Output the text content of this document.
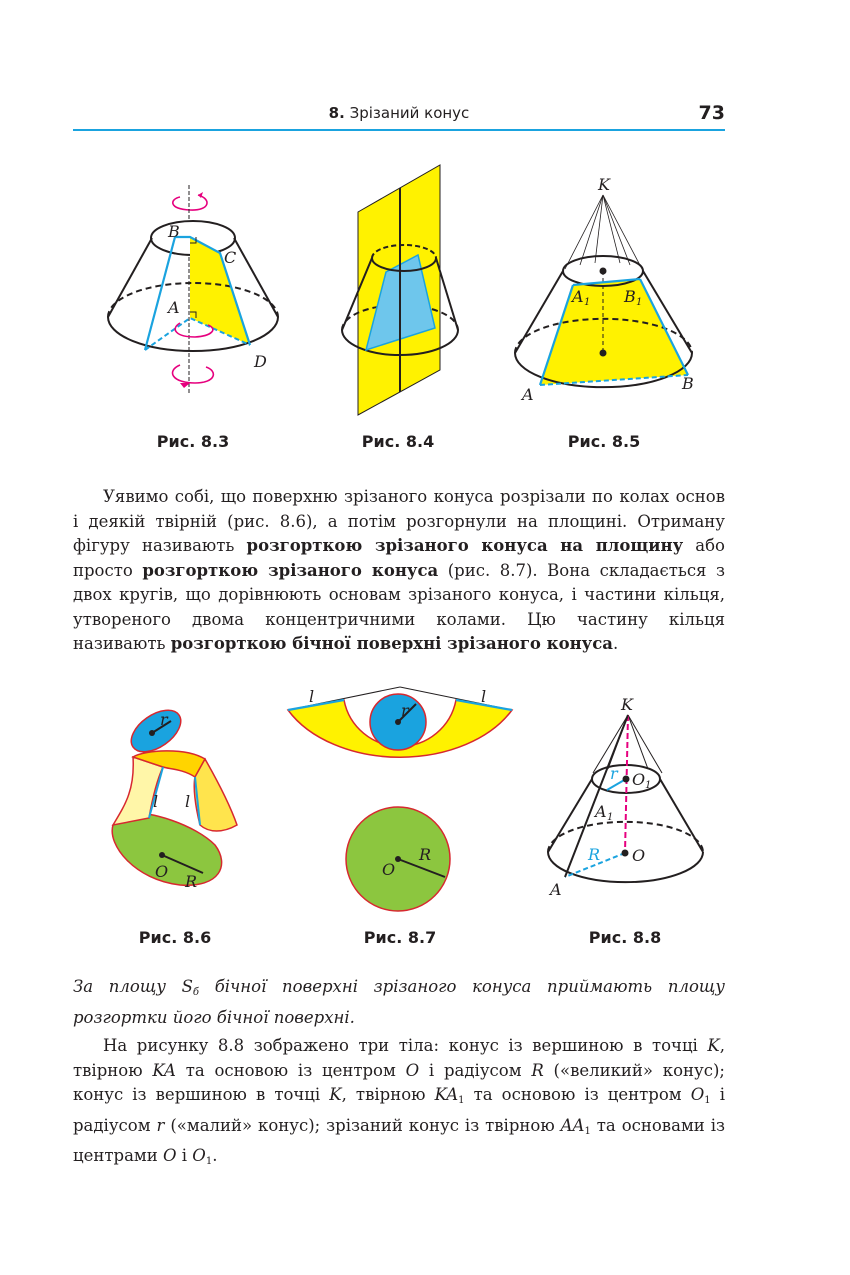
8. Зрізаний конус	73
B
C
A
D
Рис. 8.3	Рис. 8.4
K
A 1 B 1
A
B
Рис. 8.5

Уявимо собі, що поверхню зрізаного конуса розрізали по колах основ і деякій твірній (рис. 8.6), а потім розгорнули на площині. Отриману фігуру називають розгорткою зрізаного конуса на площину або просто розгорткою зрізаного конуса (рис. 8.7). Вона складається з двох кругів, що дорівнюють основам зрізаного конуса, і частини кільця, утвореного двома концентричними колами. Цю частину кільця називають розгорткою бічної поверхні зрізаного конуса.

r
l l
O
R
Рис. 8.6
l	l
r
O
R
Рис. 8.7
K
r O 1
A 1
R O
A
Рис. 8.8

За площу $S_б$ бічної поверхні зрізаного конуса приймають площу розгортки його бічної поверхні.

На рисунку 8.8 зображено три тіла: конус із вершиною в точці K, твірною KA та основою із центром O і радіусом R («великий» конус); конус із вершиною в точці K, твірною $KA_1$ та основою із центром $O_1$ і радіусом r («малий» конус); зрізаний конус із твірною $AA_1$ та основами із центрами O і $O_1$.
